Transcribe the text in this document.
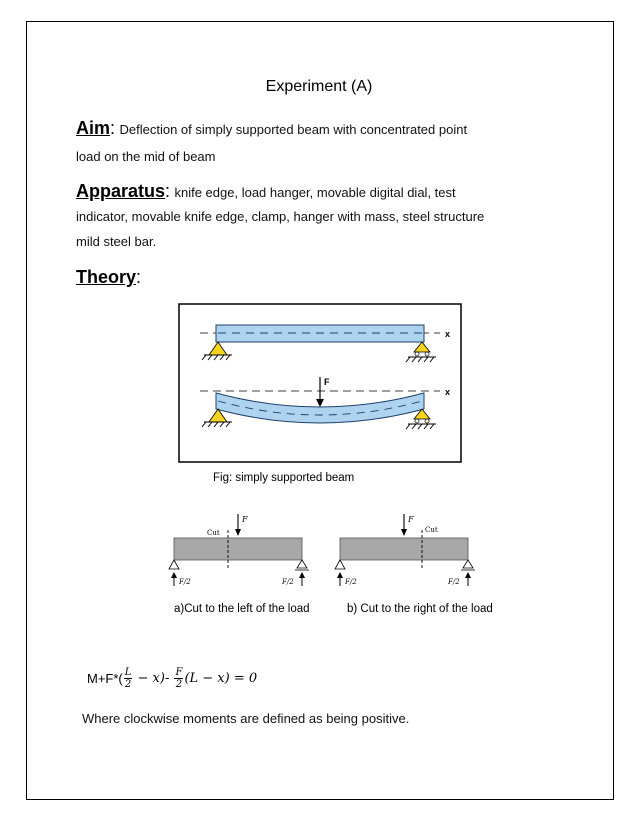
Experiment (A)
Aim: Deflection of simply supported beam with concentrated point
load on the mid of beam
Apparatus: knife edge, load hanger, movable digital dial, test
indicator, movable knife edge, clamp, hanger with mass, steel structure
mild steel bar.
Theory:
x
x
F
Fig: simply supported beam
Cut
F
F/2	F/2
Cut
F
F/2	F/2
a)Cut to the left of the load	b) Cut to the right of the load
$M+F*( \frac{L}{2} - x)- \frac{F}{2} (L - x) = 0$
Where clockwise moments are defined as being positive.
